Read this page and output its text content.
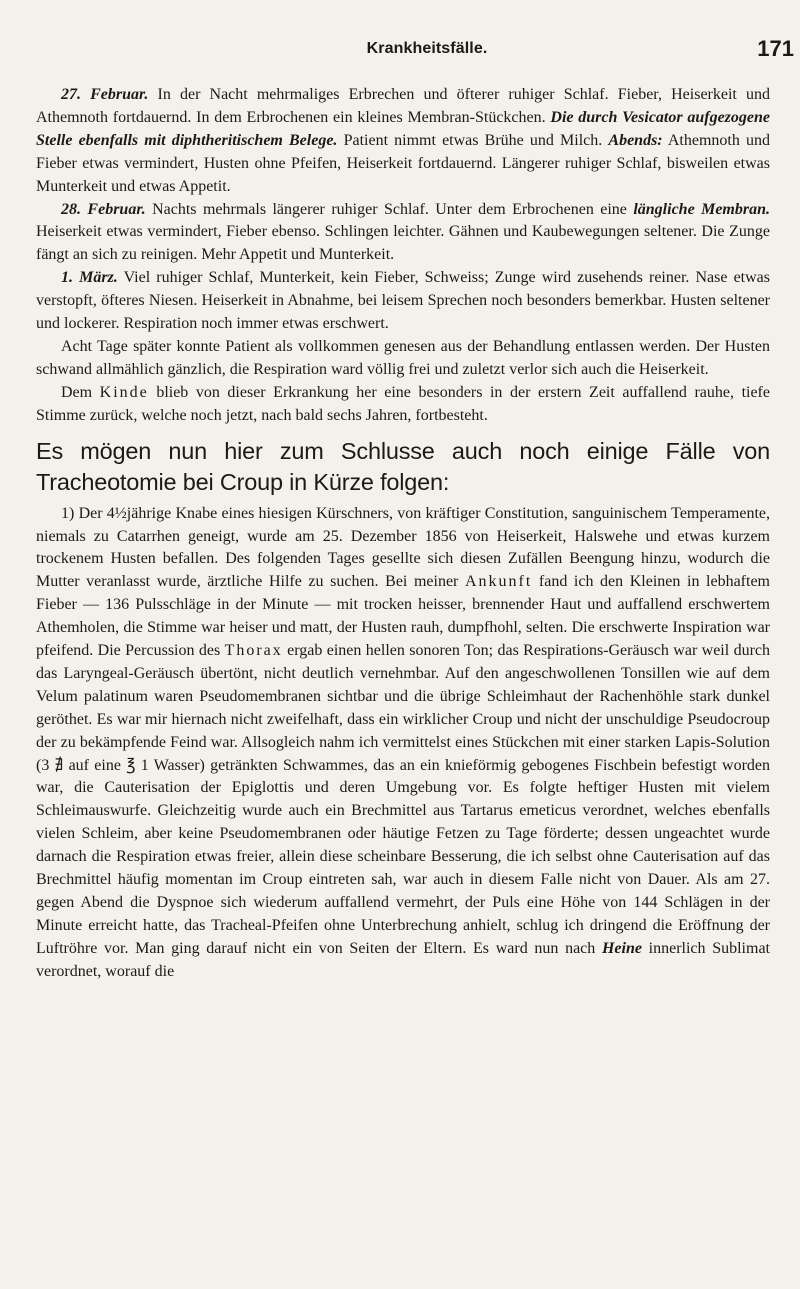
Krankheitsfälle.	171

27. Februar. In der Nacht mehrmaliges Erbrechen und öfterer ruhiger Schlaf. Fieber, Heiserkeit und Athemnoth fortdauernd. In dem Erbrochenen ein kleines Membran-Stückchen. Die durch Vesicator aufgezogene Stelle ebenfalls mit diphtheritischem Belege. Patient nimmt etwas Brühe und Milch. Abends: Athemnoth und Fieber etwas vermindert, Husten ohne Pfeifen, Heiserkeit fortdauernd. Längerer ruhiger Schlaf, bisweilen etwas Munterkeit und etwas Appetit.

28. Februar. Nachts mehrmals längerer ruhiger Schlaf. Unter dem Erbrochenen eine längliche Membran. Heiserkeit etwas vermindert, Fieber ebenso. Schlingen leichter. Gähnen und Kaubewegungen seltener. Die Zunge fängt an sich zu reinigen. Mehr Appetit und Munterkeit.

1. März. Viel ruhiger Schlaf, Munterkeit, kein Fieber, Schweiss; Zunge wird zusehends reiner. Nase etwas verstopft, öfteres Niesen. Heiserkeit in Abnahme, bei leisem Sprechen noch besonders bemerkbar. Husten seltener und lockerer. Respiration noch immer etwas erschwert.

Acht Tage später konnte Patient als vollkommen genesen aus der Behandlung entlassen werden. Der Husten schwand allmählich gänzlich, die Respiration ward völlig frei und zuletzt verlor sich auch die Heiserkeit.

Dem Kinde blieb von dieser Erkrankung her eine besonders in der erstern Zeit auffallend rauhe, tiefe Stimme zurück, welche noch jetzt, nach bald sechs Jahren, fortbesteht.

Es mögen nun hier zum Schlusse auch noch einige Fälle von Tracheotomie bei Croup in Kürze folgen:

1) Der 4½jährige Knabe eines hiesigen Kürschners, von kräftiger Constitution, sanguinischem Temperamente, niemals zu Catarrhen geneigt, wurde am 25. Dezember 1856 von Heiserkeit, Halswehe und etwas kurzem trockenem Husten befallen. Des folgenden Tages gesellte sich diesen Zufällen Beengung hinzu, wodurch die Mutter veranlasst wurde, ärztliche Hilfe zu suchen. Bei meiner Ankunft fand ich den Kleinen in lebhaftem Fieber — 136 Pulsschläge in der Minute — mit trocken heisser, brennender Haut und auffallend erschwertem Athemholen, die Stimme war heiser und matt, der Husten rauh, dumpfhohl, selten. Die erschwerte Inspiration war pfeifend. Die Percussion des Thorax ergab einen hellen sonoren Ton; das Respirations-Geräusch war weil durch das Laryngeal-Geräusch übertönt, nicht deutlich vernehmbar. Auf den angeschwollenen Tonsillen wie auf dem Velum palatinum waren Pseudomembranen sichtbar und die übrige Schleimhaut der Rachenhöhle stark dunkel geröthet. Es war mir hiernach nicht zweifelhaft, dass ein wirklicher Croup und nicht der unschuldige Pseudocroup der zu bekämpfende Feind war. Allsogleich nahm ich vermittelst eines Stückchen mit einer starken Lapis-Solution (3 ∄ auf eine ℥ 1 Wasser) getränkten Schwammes, das an ein knieförmig gebogenes Fischbein befestigt worden war, die Cauterisation der Epiglottis und deren Umgebung vor. Es folgte heftiger Husten mit vielem Schleimauswurfe. Gleichzeitig wurde auch ein Brechmittel aus Tartarus emeticus verordnet, welches ebenfalls vielen Schleim, aber keine Pseudomembranen oder häutige Fetzen zu Tage förderte; dessen ungeachtet wurde darnach die Respiration etwas freier, allein diese scheinbare Besserung, die ich selbst ohne Cauterisation auf das Brechmittel häufig momentan im Croup eintreten sah, war auch in diesem Falle nicht von Dauer. Als am 27. gegen Abend die Dyspnoe sich wiederum auffallend vermehrt, der Puls eine Höhe von 144 Schlägen in der Minute erreicht hatte, das Tracheal-Pfeifen ohne Unterbrechung anhielt, schlug ich dringend die Eröffnung der Luftröhre vor. Man ging darauf nicht ein von Seiten der Eltern. Es ward nun nach Heine innerlich Sublimat verordnet, worauf die
